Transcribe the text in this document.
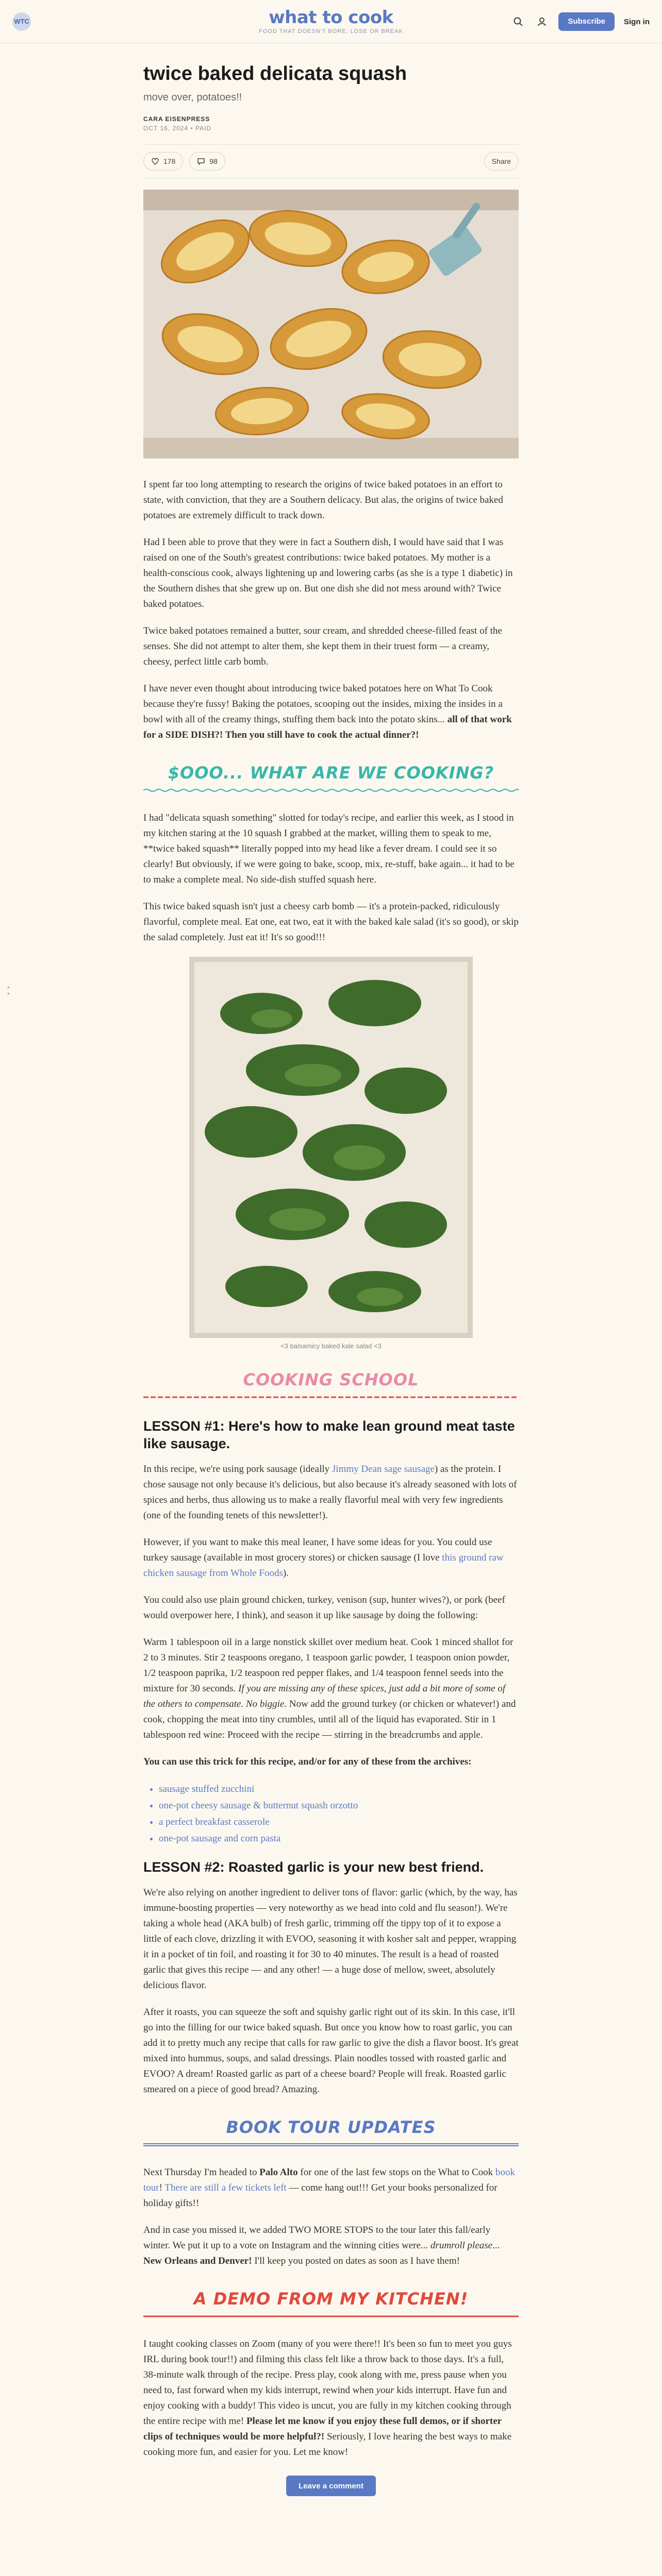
WTC	what to cook
FOOD THAT DOESN'T BORE, LOSE OR BREAK
Subscribe	Sign in
•
•
twice baked delicata squash
move over, potatoes!!
CARA EISENPRESS
OCT 16, 2024 • PAID
178	98	Share

I spent far too long attempting to research the origins of twice baked potatoes in an effort to state, with conviction, that they are a Southern delicacy. But alas, the origins of twice baked potatoes are extremely difficult to track down.

Had I been able to prove that they were in fact a Southern dish, I would have said that I was raised on one of the South's greatest contributions: twice baked potatoes. My mother is a health-conscious cook, always lightening up and lowering carbs (as she is a type 1 diabetic) in the Southern dishes that she grew up on. But one dish she did not mess around with? Twice baked potatoes.

Twice baked potatoes remained a butter, sour cream, and shredded cheese-filled feast of the senses. She did not attempt to alter them, she kept them in their truest form — a creamy, cheesy, perfect little carb bomb.

I have never even thought about introducing twice baked potatoes here on What To Cook because they're fussy! Baking the potatoes, scooping out the insides, mixing the insides in a bowl with all of the creamy things, stuffing them back into the potato skins... all of that work for a SIDE DISH?! Then you still have to cook the actual dinner?!

$OOO... WHAT ARE WE COOKING?

I had "delicata squash something" slotted for today's recipe, and earlier this week, as I stood in my kitchen staring at the 10 squash I grabbed at the market, willing them to speak to me, **twice baked squash** literally popped into my head like a fever dream. I could see it so clearly! But obviously, if we were going to bake, scoop, mix, re-stuff, bake again... it had to be to make a complete meal. No side-dish stuffed squash here.

This twice baked squash isn't just a cheesy carb bomb — it's a protein-packed, ridiculously flavorful, complete meal. Eat one, eat two, eat it with the baked kale salad (it's so good), or skip the salad completely. Just eat it! It's so good!!!

<3 balsamicy baked kale salad <3
COOKING SCHOOL
LESSON #1: Here's how to make lean ground meat taste like sausage.

In this recipe, we're using pork sausage (ideally Jimmy Dean sage sausage) as the protein. I chose sausage not only because it's delicious, but also because it's already seasoned with lots of spices and herbs, thus allowing us to make a really flavorful meal with very few ingredients (one of the founding tenets of this newsletter!).

However, if you want to make this meal leaner, I have some ideas for you. You could use turkey sausage (available in most grocery stores) or chicken sausage (I love this ground raw chicken sausage from Whole Foods).

You could also use plain ground chicken, turkey, venison (sup, hunter wives?), or pork (beef would overpower here, I think), and season it up like sausage by doing the following:

Warm 1 tablespoon oil in a large nonstick skillet over medium heat. Cook 1 minced shallot for 2 to 3 minutes. Stir 2 teaspoons oregano, 1 teaspoon garlic powder, 1 teaspoon onion powder, 1/2 teaspoon paprika, 1/2 teaspoon red pepper flakes, and 1/4 teaspoon fennel seeds into the mixture for 30 seconds. If you are missing any of these spices, just add a bit more of some of the others to compensate. No biggie. Now add the ground turkey (or chicken or whatever!) and cook, chopping the meat into tiny crumbles, until all of the liquid has evaporated. Stir in 1 tablespoon red wine: Proceed with the recipe — stirring in the breadcrumbs and apple.

You can use this trick for this recipe, and/or for any of these from the archives:

• sausage stuffed zucchini
• one-pot cheesy sausage & butternut squash orzotto
• a perfect breakfast casserole
• one-pot sausage and corn pasta
LESSON #2: Roasted garlic is your new best friend.

We're also relying on another ingredient to deliver tons of flavor: garlic (which, by the way, has immune-boosting properties — very noteworthy as we head into cold and flu season!). We're taking a whole head (AKA bulb) of fresh garlic, trimming off the tippy top of it to expose a little of each clove, drizzling it with EVOO, seasoning it with kosher salt and pepper, wrapping it in a pocket of tin foil, and roasting it for 30 to 40 minutes. The result is a head of roasted garlic that gives this recipe — and any other! — a huge dose of mellow, sweet, absolutely delicious flavor.

After it roasts, you can squeeze the soft and squishy garlic right out of its skin. In this case, it'll go into the filling for our twice baked squash. But once you know how to roast garlic, you can add it to pretty much any recipe that calls for raw garlic to give the dish a flavor boost. It's great mixed into hummus, soups, and salad dressings. Plain noodles tossed with roasted garlic and EVOO? A dream! Roasted garlic as part of a cheese board? People will freak. Roasted garlic smeared on a piece of good bread? Amazing.

BOOK TOUR UPDATES

Next Thursday I'm headed to Palo Alto for one of the last few stops on the What to Cook book tour! There are still a few tickets left — come hang out!!! Get your books personalized for holiday gifts!!

And in case you missed it, we added TWO MORE STOPS to the tour later this fall/early winter. We put it up to a vote on Instagram and the winning cities were... drumroll please... New Orleans and Denver! I'll keep you posted on dates as soon as I have them!

A DEMO FROM MY KITCHEN!

I taught cooking classes on Zoom (many of you were there!! It's been so fun to meet you guys IRL during book tour!!) and filming this class felt like a throw back to those days. It's a full, 38-minute walk through of the recipe. Press play, cook along with me, press pause when you need to, fast forward when my kids interrupt, rewind when your kids interrupt. Have fun and enjoy cooking with a buddy! This video is uncut, you are fully in my kitchen cooking through the entire recipe with me! Please let me know if you enjoy these full demos, or if shorter clips of techniques would be more helpful?! Seriously, I love hearing the best ways to make cooking more fun, and easier for you. Let me know!

Leave a comment
